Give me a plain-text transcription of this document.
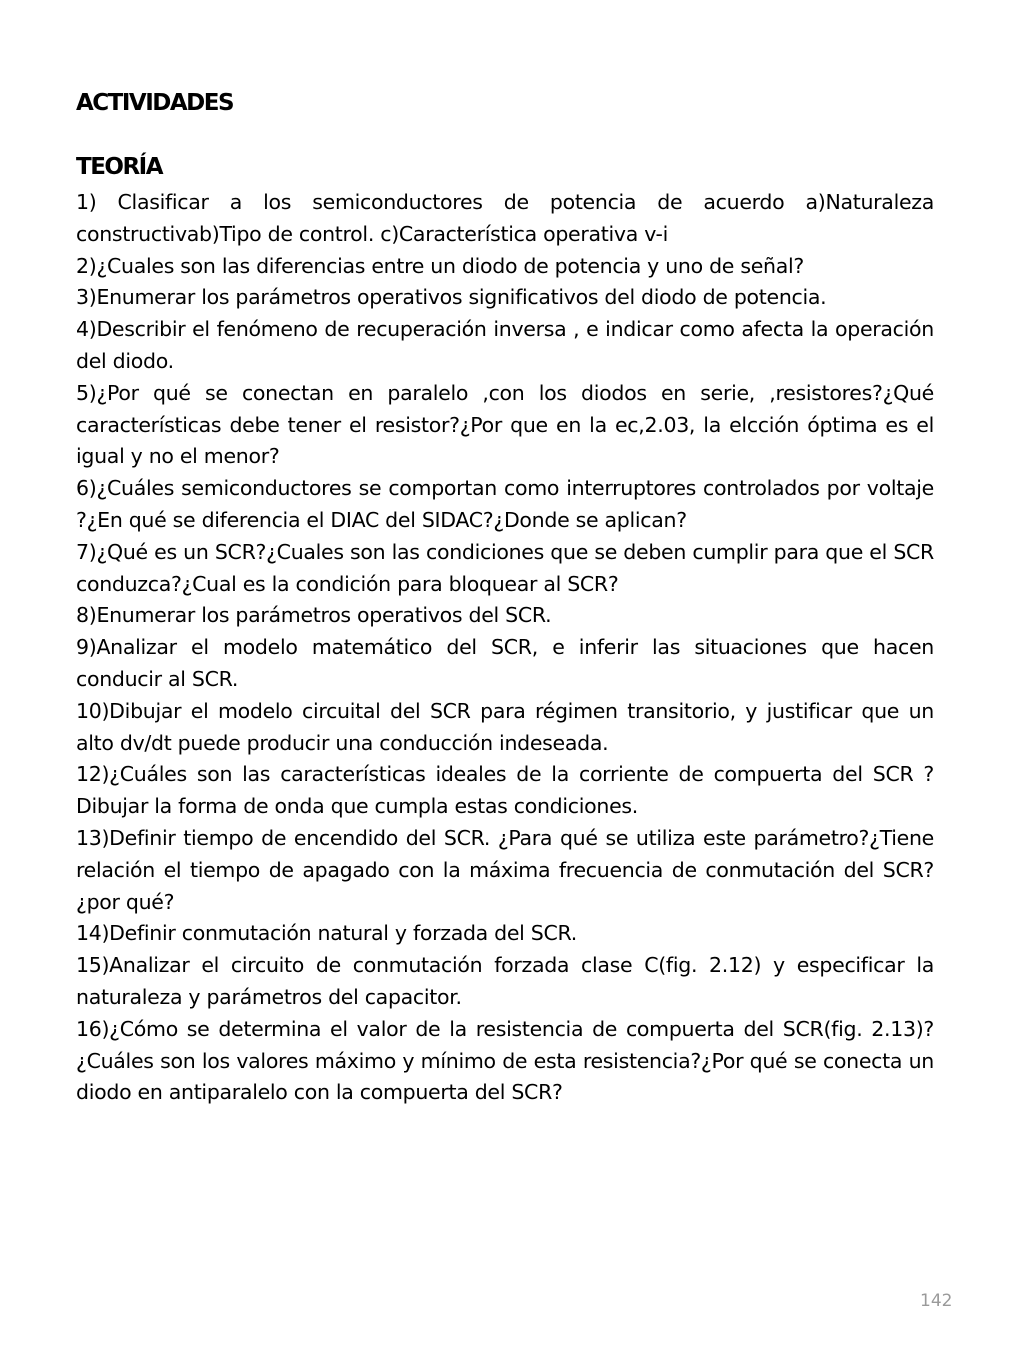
ACTIVIDADES
TEORÍA
1) Clasificar a los semiconductores de potencia de acuerdo a)Naturaleza constructivab)Tipo de control. c)Característica operativa v-i
2)¿Cuales son las diferencias entre un diodo de potencia y uno de señal?
3)Enumerar los parámetros operativos significativos del diodo de potencia.
4)Describir el fenómeno de recuperación inversa , e indicar como afecta la operación del diodo.
5)¿Por qué se conectan en paralelo ,con los diodos en serie, ,resistores?¿Qué características debe tener el resistor?¿Por que en la ec,2.03, la elcción óptima es el igual y no el menor?
6)¿Cuáles semiconductores se comportan como interruptores controlados por voltaje ?¿En qué se diferencia el DIAC del SIDAC?¿Donde se aplican?
7)¿Qué es un SCR?¿Cuales son las condiciones que se deben cumplir para que el SCR conduzca?¿Cual es la condición para bloquear al SCR?
8)Enumerar los parámetros operativos del SCR.
9)Analizar el modelo matemático del SCR, e inferir las situaciones que hacen conducir al SCR.
10)Dibujar el modelo circuital del SCR para régimen transitorio, y justificar que un alto dv/dt puede producir una conducción indeseada.
12)¿Cuáles son las características ideales de la corriente de compuerta del SCR ? Dibujar la forma de onda que cumpla estas condiciones.
13)Definir tiempo de encendido del SCR. ¿Para qué se utiliza este parámetro?¿Tiene relación el tiempo de apagado con la máxima frecuencia de conmutación del SCR?¿por qué?
14)Definir conmutación natural y forzada del SCR.
15)Analizar el circuito de conmutación forzada clase C(fig. 2.12) y especificar la naturaleza y parámetros del capacitor.
16)¿Cómo se determina el valor de la resistencia de compuerta del SCR(fig. 2.13)?¿Cuáles son los valores máximo y mínimo de esta resistencia?¿Por qué se conecta un diodo en antiparalelo con la compuerta del SCR?
142
